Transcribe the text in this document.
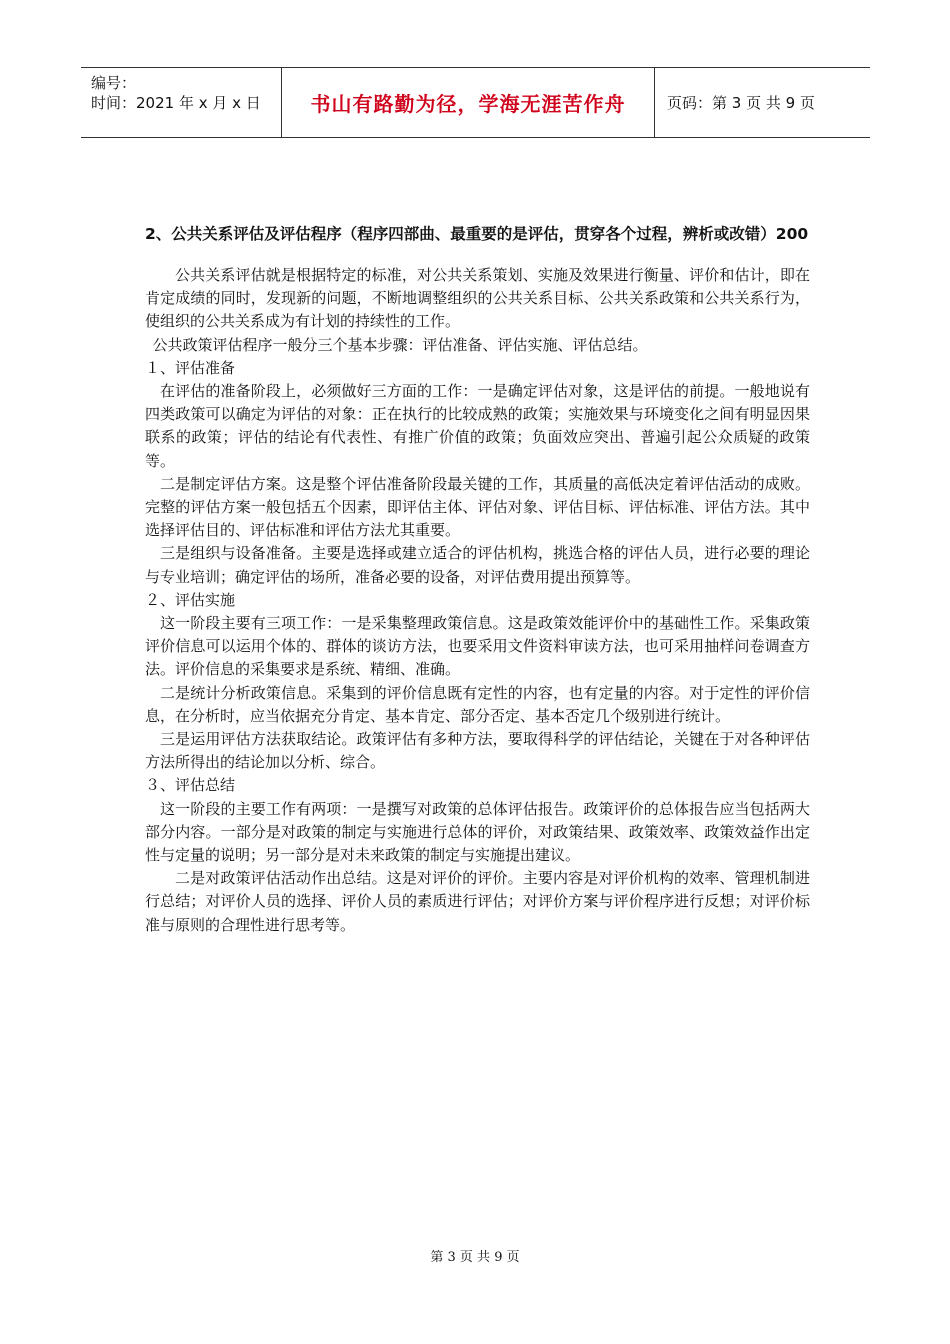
编号：
时间：2021 年 x 月 x 日 书山有路勤为径，学海无涯苦作舟	页码：第 3 页 共 9 页

2、公共关系评估及评估程序（程序四部曲、最重要的是评估，贯穿各个过程，辨析或改错）200

公共关系评估就是根据特定的标准，对公共关系策划、实施及效果进行衡量、评价和估计，即在肯定成绩的同时，发现新的问题，不断地调整组织的公共关系目标、公共关系政策和公共关系行为，使组织的公共关系成为有计划的持续性的工作。

公共政策评估程序一般分三个基本步骤：评估准备、评估实施、评估总结。

１、评估准备

在评估的准备阶段上，必须做好三方面的工作：一是确定评估对象，这是评估的前提。一般地说有四类政策可以确定为评估的对象：正在执行的比较成熟的政策；实施效果与环境变化之间有明显因果联系的政策；评估的结论有代表性、有推广价值的政策；负面效应突出、普遍引起公众质疑的政策等。

二是制定评估方案。这是整个评估准备阶段最关键的工作，其质量的高低决定着评估活动的成败。完整的评估方案一般包括五个因素，即评估主体、评估对象、评估目标、评估标准、评估方法。其中选择评估目的、评估标准和评估方法尤其重要。

三是组织与设备准备。主要是选择或建立适合的评估机构，挑选合格的评估人员，进行必要的理论与专业培训；确定评估的场所，准备必要的设备，对评估费用提出预算等。

２、评估实施

这一阶段主要有三项工作：一是采集整理政策信息。这是政策效能评价中的基础性工作。采集政策评价信息可以运用个体的、群体的谈访方法，也要采用文件资料审读方法，也可采用抽样问卷调查方法。评价信息的采集要求是系统、精细、准确。

二是统计分析政策信息。采集到的评价信息既有定性的内容，也有定量的内容。对于定性的评价信息，在分析时，应当依据充分肯定、基本肯定、部分否定、基本否定几个级别进行统计。

三是运用评估方法获取结论。政策评估有多种方法，要取得科学的评估结论，关键在于对各种评估方法所得出的结论加以分析、综合。

３、评估总结

这一阶段的主要工作有两项：一是撰写对政策的总体评估报告。政策评价的总体报告应当包括两大部分内容。一部分是对政策的制定与实施进行总体的评价，对政策结果、政策效率、政策效益作出定性与定量的说明；另一部分是对未来政策的制定与实施提出建议。

二是对政策评估活动作出总结。这是对评价的评价。主要内容是对评价机构的效率、管理机制进行总结；对评价人员的选择、评价人员的素质进行评估；对评价方案与评价程序进行反想；对评价标准与原则的合理性进行思考等。

第 3 页 共 9 页
